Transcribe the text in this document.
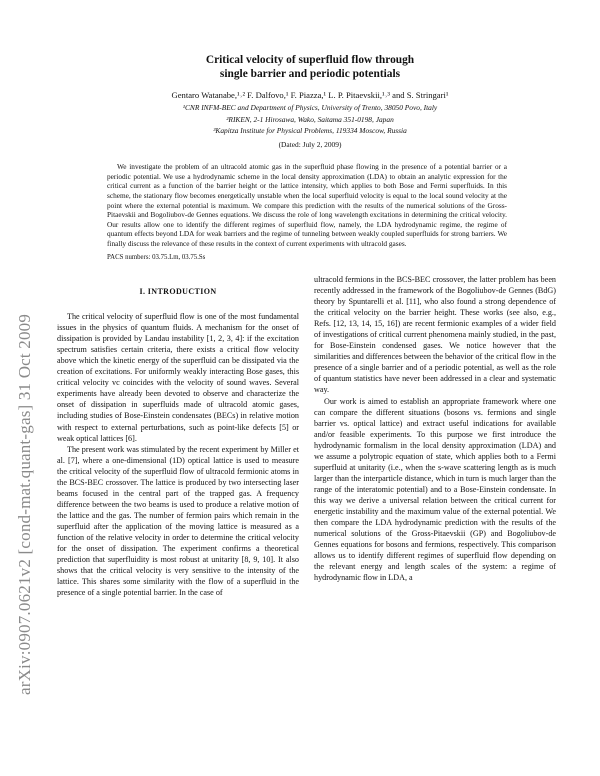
arXiv:0907.0621v2 [cond-mat.quant-gas] 31 Oct 2009
Critical velocity of superfluid flow through
single barrier and periodic potentials
Gentaro Watanabe,¹˒² F. Dalfovo,¹ F. Piazza,¹ L. P. Pitaevskii,¹˒³ and S. Stringari¹
¹CNR INFM-BEC and Department of Physics, University of Trento, 38050 Povo, Italy
²RIKEN, 2-1 Hirosawa, Wako, Saitama 351-0198, Japan
³Kapitza Institute for Physical Problems, 119334 Moscow, Russia
(Dated: July 2, 2009)

We investigate the problem of an ultracold atomic gas in the superfluid phase flowing in the presence of a potential barrier or a periodic potential. We use a hydrodynamic scheme in the local density approximation (LDA) to obtain an analytic expression for the critical current as a function of the barrier height or the lattice intensity, which applies to both Bose and Fermi superfluids. In this scheme, the stationary flow becomes energetically unstable when the local superfluid velocity is equal to the local sound velocity at the point where the external potential is maximum. We compare this prediction with the results of the numerical solutions of the Gross-Pitaevskii and Bogoliubov-de Gennes equations. We discuss the role of long wavelength excitations in determining the critical velocity. Our results allow one to identify the different regimes of superfluid flow, namely, the LDA hydrodynamic regime, the regime of quantum effects beyond LDA for weak barriers and the regime of tunneling between weakly coupled superfluids for strong barriers. We finally discuss the relevance of these results in the context of current experiments with ultracold gases.

PACS numbers: 03.75.Lm, 03.75.Ss
I. INTRODUCTION

The critical velocity of superfluid flow is one of the most fundamental issues in the physics of quantum fluids. A mechanism for the onset of dissipation is provided by Landau instability [1, 2, 3, 4]: if the excitation spectrum satisfies certain criteria, there exists a critical flow velocity above which the kinetic energy of the superfluid can be dissipated via the creation of excitations. For uniformly weakly interacting Bose gases, this critical velocity vc coincides with the velocity of sound waves. Several experiments have already been devoted to observe and characterize the onset of dissipation in superfluids made of ultracold atomic gases, including studies of Bose-Einstein condensates (BECs) in relative motion with respect to external perturbations, such as point-like defects [5] or weak optical lattices [6].

The present work was stimulated by the recent experiment by Miller et al. [7], where a one-dimensional (1D) optical lattice is used to measure the critical velocity of the superfluid flow of ultracold fermionic atoms in the BCS-BEC crossover. The lattice is produced by two intersecting laser beams focused in the central part of the trapped gas. A frequency difference between the two beams is used to produce a relative motion of the lattice and the gas. The number of fermion pairs which remain in the superfluid after the application of the moving lattice is measured as a function of the relative velocity in order to determine the critical velocity for the onset of dissipation. The experiment confirms a theoretical prediction that superfluidity is most robust at unitarity [8, 9, 10]. It also shows that the critical velocity is very sensitive to the intensity of the lattice. This shares some similarity with the flow of a superfluid in the presence of a single potential barrier. In the case of

ultracold fermions in the BCS-BEC crossover, the latter problem has been recently addressed in the framework of the Bogoliubov-de Gennes (BdG) theory by Spuntarelli et al. [11], who also found a strong dependence of the critical velocity on the barrier height. These works (see also, e.g., Refs. [12, 13, 14, 15, 16]) are recent fermionic examples of a wider field of investigations of critical current phenomena mainly studied, in the past, for Bose-Einstein condensed gases. We notice however that the similarities and differences between the behavior of the critical flow in the presence of a single barrier and of a periodic potential, as well as the role of quantum statistics have never been addressed in a clear and systematic way.

Our work is aimed to establish an appropriate framework where one can compare the different situations (bosons vs. fermions and single barrier vs. optical lattice) and extract useful indications for available and/or feasible experiments. To this purpose we first introduce the hydrodynamic formalism in the local density approximation (LDA) and we assume a polytropic equation of state, which applies both to a Fermi superfluid at unitarity (i.e., when the s-wave scattering length as is much larger than the interparticle distance, which in turn is much larger than the range of the interatomic potential) and to a Bose-Einstein condensate. In this way we derive a universal relation between the critical current for energetic instability and the maximum value of the external potential. We then compare the LDA hydrodynamic prediction with the results of the numerical solutions of the Gross-Pitaevskii (GP) and Bogoliubov-de Gennes equations for bosons and fermions, respectively. This comparison allows us to identify different regimes of superfluid flow depending on the relevant energy and length scales of the system: a regime of hydrodynamic flow in LDA, a
